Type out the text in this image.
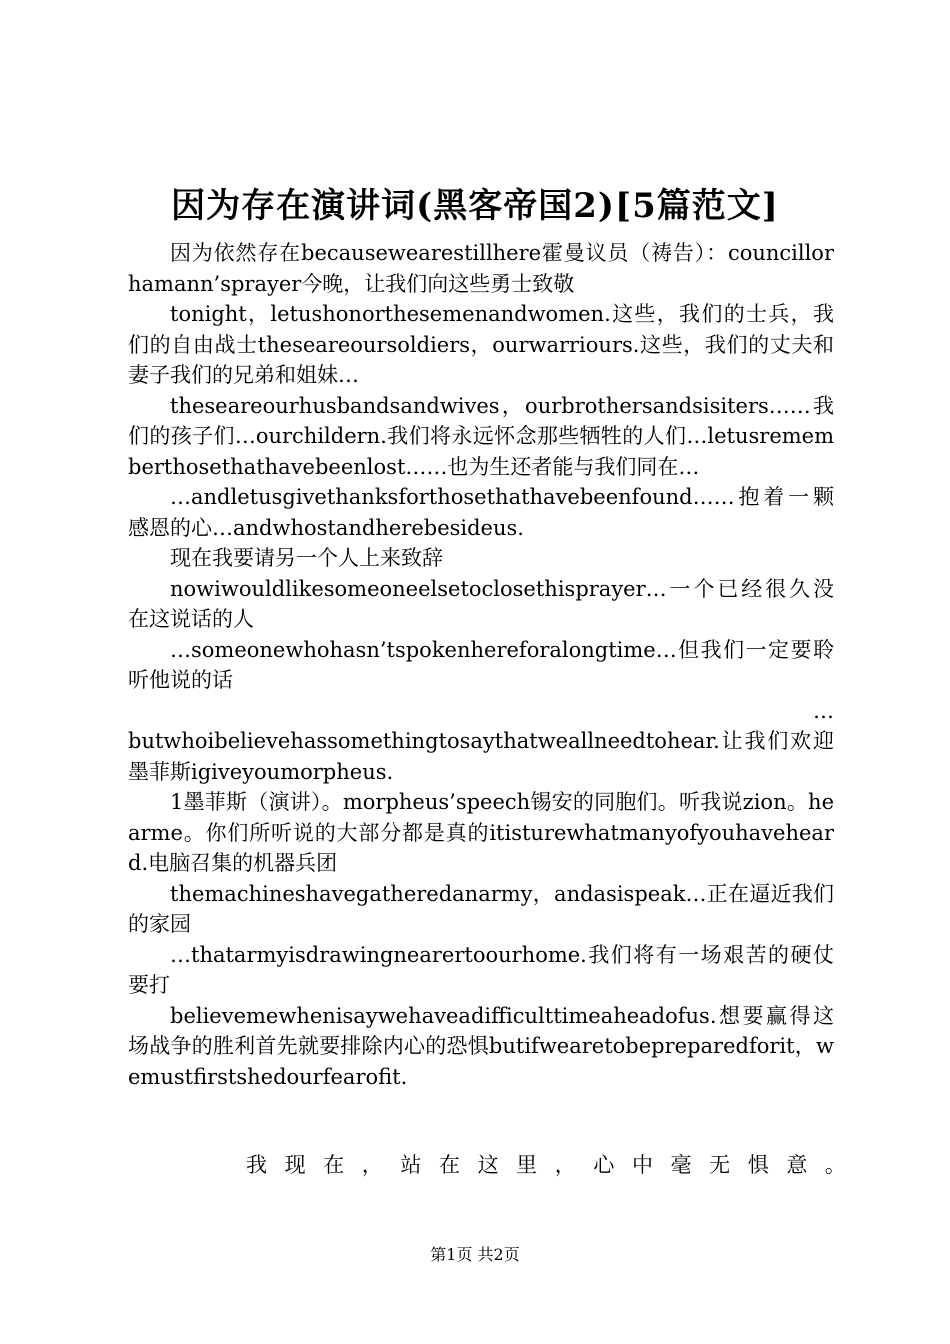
因为存在演讲词(黑客帝国2)[5篇范文]

因为依然存在becausewearestillhere霍曼议员（祷告）：councillorhamann’sprayer今晚，让我们向这些勇士致敬

tonight，letushonorthesemenandwomen.这些，我们的士兵，我们的自由战士theseareoursoldiers，ourwarriours.这些，我们的丈夫和妻子我们的兄弟和姐妹…

theseareourhusbandsandwives，ourbrothersandsisiters……我们的孩子们…ourchildern.我们将永远怀念那些牺牲的人们…letusrememberthosethathavebeenlost……也为生还者能与我们同在…

…andletusgivethanksforthosethathavebeenfound……抱着一颗感恩的心…andwhostandherebesideus.

现在我要请另一个人上来致辞

nowiwouldlikesomeoneelsetoclosethisprayer…一个已经很久没在这说话的人

…someonewhohasn’tspokenhereforalongtime…但我们一定要聆听他说的话

…

butwhoibelievehassomethingtosaythatweallneedtohear.让我们欢迎墨菲斯igiveyoumorpheus.

1墨菲斯（演讲）。morpheus’speech锡安的同胞们。听我说zion。hearme。你们所听说的大部分都是真的itisturewhatmanyofyouhaveheard.电脑召集的机器兵团

themachineshavegatheredanarmy，andasispeak…正在逼近我们的家园

…thatarmyisdrawingnearertoourhome.我们将有一场艰苦的硬仗要打

believemewhenisaywehaveadifficulttimeaheadofus.想要赢得这场战争的胜利首先就要排除内心的恐惧butifwearetobepreparedforit，wemustfirstshedourfearofit.

我 现 在 ， 站 在 这 里 ， 心 中 毫 无 惧 意 。
第1页 共2页
